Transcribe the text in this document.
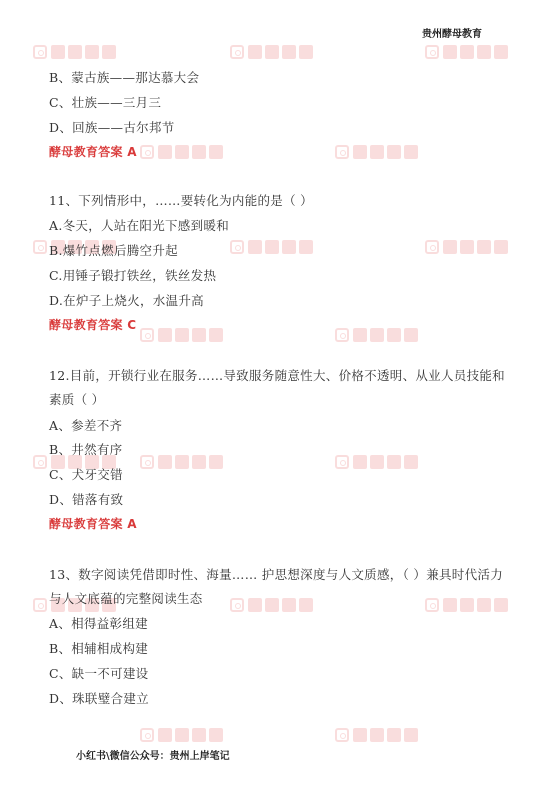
贵州酵母教育
B、蒙古族——那达慕大会
C、壮族——三月三
D、回族——古尔邦节
酵母教育答案 A
11、下列情形中，……要转化为内能的是（ ）
A.冬天，人站在阳光下感到暖和
B.爆竹点燃后腾空升起
C.用锤子锻打铁丝，铁丝发热
D.在炉子上烧火，水温升高
酵母教育答案 C
12.目前，开锁行业在服务……导致服务随意性大、价格不透明、从业人员技能和
素质（ ）
A、参差不齐
B、井然有序
C、犬牙交错
D、错落有致
酵母教育答案 A
13、数字阅读凭借即时性、海量…… 护思想深度与人文质感，（ ）兼具时代活力
与人文底蕴的完整阅读生态
A、相得益彰组建
B、相辅相成构建
C、缺一不可建设
D、珠联璧合建立
小红书\微信公众号：贵州上岸笔记
